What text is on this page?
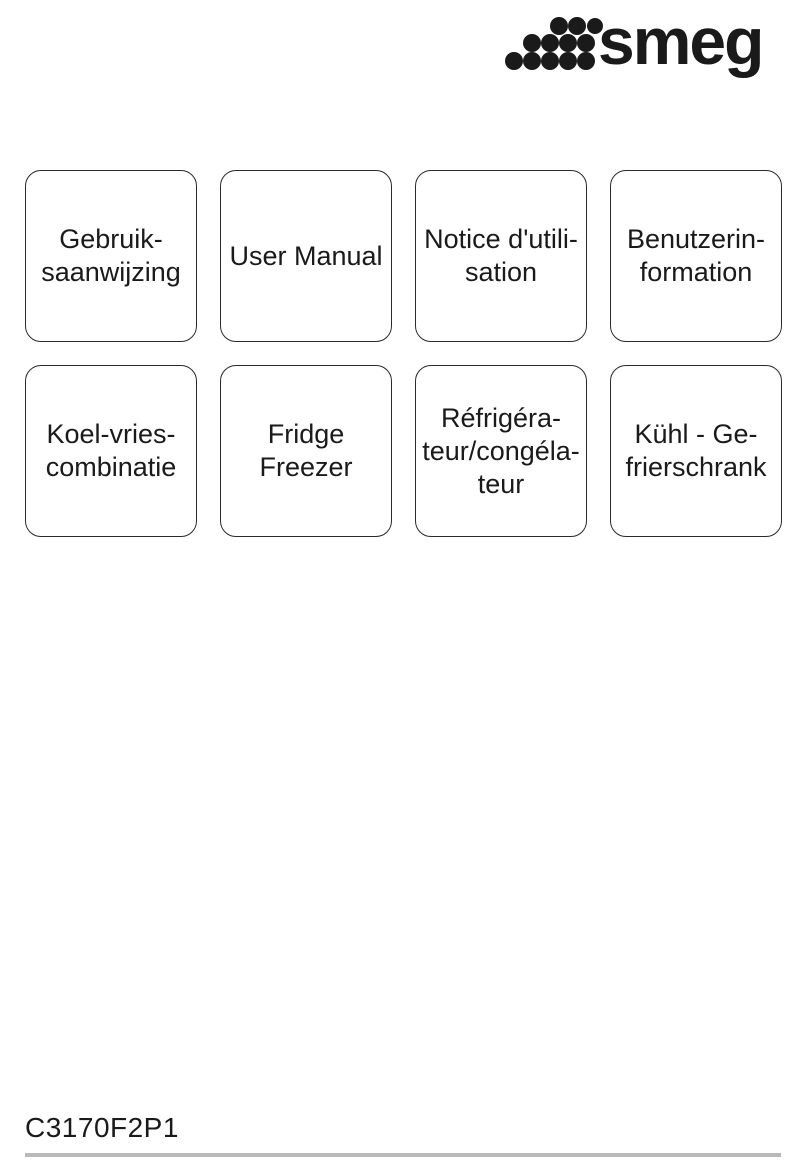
smeg
Gebruik-
saanwijzing
User Manual
Notice d'utili-
sation
Benutzerin-
formation
Koel-vries-
combinatie
Fridge
Freezer
Réfrigéra-
teur/congéla-
teur
Kühl - Ge-
frierschrank
C3170F2P1
